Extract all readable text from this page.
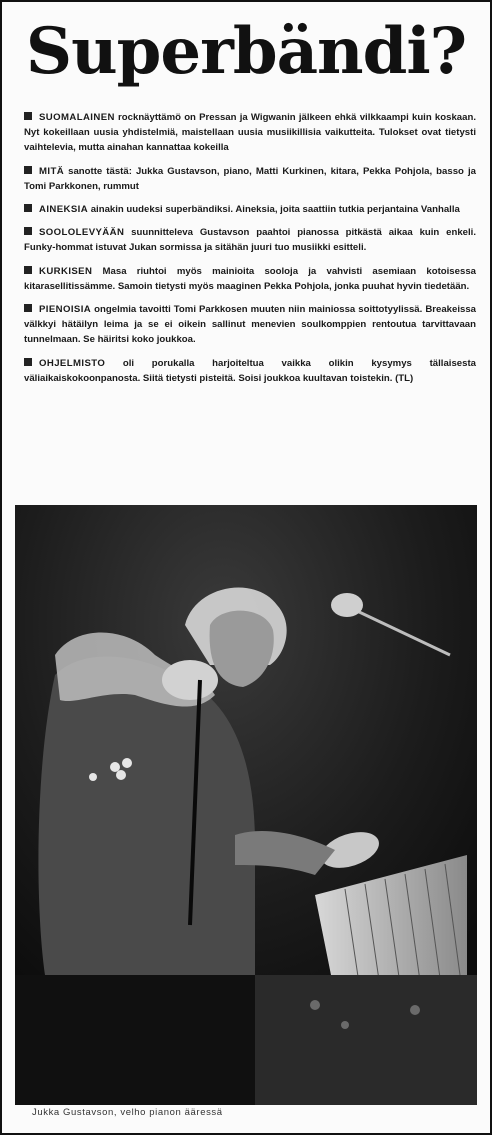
Superbändi?

SUOMALAINEN rocknäyttämö on Pressan ja Wigwanin jälkeen ehkä vilkkaampi kuin koskaan. Nyt kokeillaan uusia yhdistelmiä, maistellaan uusia musiikillisia vaikutteita. Tulokset ovat tietysti vaihtelevia, mutta ainahan kannattaa kokeilla

MITÄ sanotte tästä: Jukka Gustavson, piano, Matti Kurkinen, kitara, Pekka Pohjola, basso ja Tomi Parkkonen, rummut

AINEKSIA ainakin uudeksi superbändiksi. Aineksia, joita saattiin tutkia perjantaina Vanhalla

SOOLOLEVYÄÄN suunnitteleva Gustavson paahtoi pianossa pitkästä aikaa kuin enkeli. Funky-hommat istuvat Jukan sormissa ja sitähän juuri tuo musiikki esitteli.

KURKISEN Masa riuhtoi myös mainioita sooloja ja vahvisti asemiaan kotoisessa kitarasellitissämme. Samoin tietysti myös maaginen Pekka Pohjola, jonka puuhat hyvin tiedetään.

PIENOISIA ongelmia tavoitti Tomi Parkkosen muuten niin mainiossa soittotyylissä. Breakeissa välkkyi hätäilyn leima ja se ei oikein sallinut menevien soulkomppien rentoutua tarvittavaan tunnelmaan. Se häiritsi koko joukkoa.

OHJELMISTO oli porukalla harjoiteltua vaikka olikin kysymys tällaisesta väliaikaiskokoonpanosta. Siitä tietysti pisteitä. Soisi joukkoa kuultavan toistekin. (TL)

Jukka Gustavson, velho pianon ääressä
